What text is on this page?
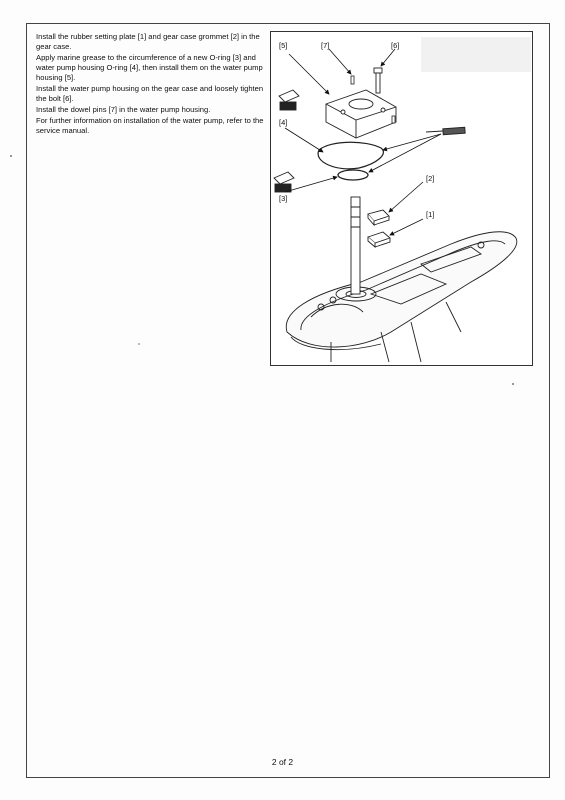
Install the rubber setting plate [1] and gear case grommet [2] in the gear case.

Apply marine grease to the circumference of a new O-ring [3] and water pump housing O-ring [4], then install them on the water pump housing [5].

Install the water pump housing on the gear case and loosely tighten the bolt [6].

Install the dowel pins [7] in the water pump housing.

For further information on installation of the water pump, refer to the service manual.

[5]	[7]	[6]
[4]
[3]
[2]
[1]
2 of 2
